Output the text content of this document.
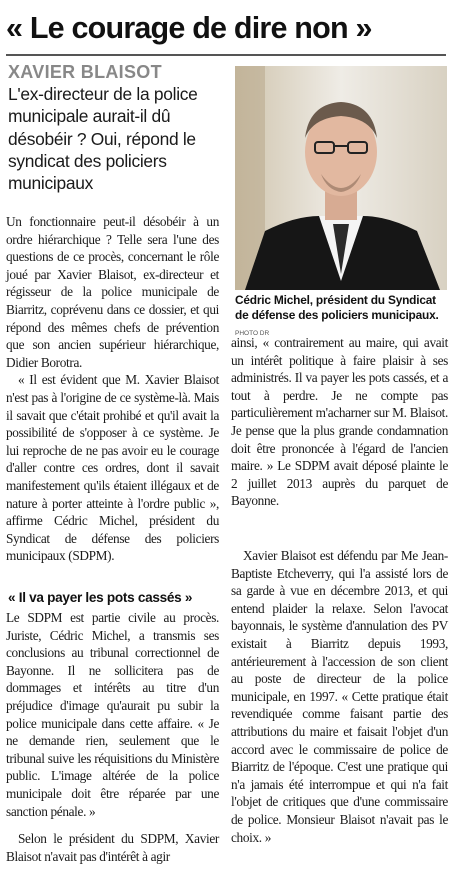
« Le courage de dire non »
XAVIER BLAISOT

L'ex-directeur de la police municipale aurait-il dû désobéir ? Oui, répond le syndicat des policiers municipaux

Cédric Michel, président du Syndicat de défense des policiers municipaux. PHOTO DR

Un fonctionnaire peut-il désobéir à un ordre hiérarchique ? Telle sera l'une des questions de ce procès, concernant le rôle joué par Xavier Blaisot, ex-directeur et régisseur de la police municipale de Biarritz, coprévenu dans ce dossier, et qui répond des mêmes chefs de prévention que son ancien supérieur hiérarchique, Didier Borotra.

« Il est évident que M. Xavier Blaisot n'est pas à l'origine de ce système-là. Mais il savait que c'était prohibé et qu'il avait la possibilité de s'opposer à ce système. Je lui reproche de ne pas avoir eu le courage d'aller contre ces ordres, dont il savait manifestement qu'ils étaient illégaux et de nature à porter atteinte à l'ordre public », affirme Cédric Michel, président du Syndicat de défense des policiers municipaux (SDPM).

« Il va payer les pots cassés »

Le SDPM est partie civile au procès. Juriste, Cédric Michel, a transmis ses conclusions au tribunal correctionnel de Bayonne. Il ne sollicitera pas de dommages et intérêts au titre d'un préjudice d'image qu'aurait pu subir la police municipale dans cette affaire. « Je ne demande rien, seulement que le tribunal suive les réquisitions du Ministère public. L'image altérée de la police municipale doit être réparée par une sanction pénale. »

Selon le président du SDPM, Xavier Blaisot n'avait pas d'intérêt à agir

ainsi, « contrairement au maire, qui avait un intérêt politique à faire plaisir à ses administrés. Il va payer les pots cassés, et a tout à perdre. Je ne compte pas particulièrement m'acharner sur M. Blaisot. Je pense que la plus grande condamnation doit être prononcée à l'égard de l'ancien maire. » Le SDPM avait déposé plainte le 2 juillet 2013 auprès du parquet de Bayonne.

Xavier Blaisot est défendu par Me Jean-Baptiste Etcheverry, qui l'a assisté lors de sa garde à vue en décembre 2013, et qui entend plaider la relaxe. Selon l'avocat bayonnais, le système d'annulation des PV existait à Biarritz depuis 1993, antérieurement à l'accession de son client au poste de directeur de la police municipale, en 1997. « Cette pratique était revendiquée comme faisant partie des attributions du maire et faisait l'objet d'un accord avec le commissaire de police de Biarritz de l'époque. C'est une pratique qui n'a jamais été interrompue et qui n'a fait l'objet de critiques que d'une commissaire de police. Monsieur Blaisot n'avait pas le choix. »
